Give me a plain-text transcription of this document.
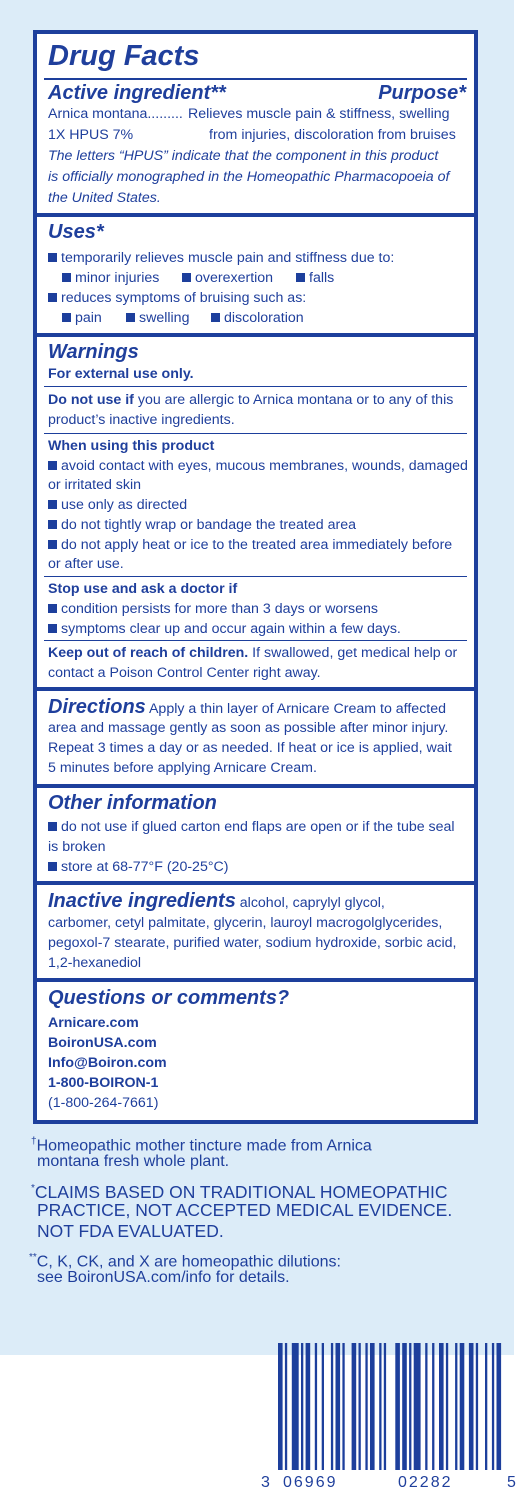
Drug Facts
Active ingredient**	Purpose*
Arnica montana......... Relieves muscle pain & stiffness, swelling
1X HPUS 7%	from injuries, discoloration from bruises
The letters “HPUS” indicate that the component in this product
is officially monographed in the Homeopathic Pharmacopoeia of
the United States.
Uses*
temporarily relieves muscle pain and stiffness due to:
minor injuries	overexertion	falls
reduces symptoms of bruising such as:
pain	swelling	discoloration
Warnings
For external use only.
Do not use if you are allergic to Arnica montana or to any of this
product’s inactive ingredients.
When using this product
avoid contact with eyes, mucous membranes, wounds, damaged
or irritated skin
use only as directed
do not tightly wrap or bandage the treated area
do not apply heat or ice to the treated area immediately before
or after use.
Stop use and ask a doctor if
condition persists for more than 3 days or worsens
symptoms clear up and occur again within a few days.
Keep out of reach of children. If swallowed, get medical help or
contact a Poison Control Center right away.
Directions Apply a thin layer of Arnicare Cream to affected
area and massage gently as soon as possible after minor injury.
Repeat 3 times a day or as needed. If heat or ice is applied, wait
5 minutes before applying Arnicare Cream.
Other information
do not use if glued carton end flaps are open or if the tube seal
is broken
store at 68-77°F (20-25°C)
Inactive ingredients alcohol, caprylyl glycol,
carbomer, cetyl palmitate, glycerin, lauroyl macrogolglycerides,
pegoxol-7 stearate, purified water, sodium hydroxide, sorbic acid,
1,2-hexanediol
Questions or comments?
Arnicare.com
BoironUSA.com
Info@Boiron.com
1-800-BOIRON-1
(1-800-264-7661)
†Homeopathic mother tincture made from Arnica
montana fresh whole plant.
*CLAIMS BASED ON TRADITIONAL HOMEOPATHIC
PRACTICE, NOT ACCEPTED MEDICAL EVIDENCE.
NOT FDA EVALUATED.
**C, K, CK, and X are homeopathic dilutions:
see BoironUSA.com/info for details.
3 06969	02282	5
